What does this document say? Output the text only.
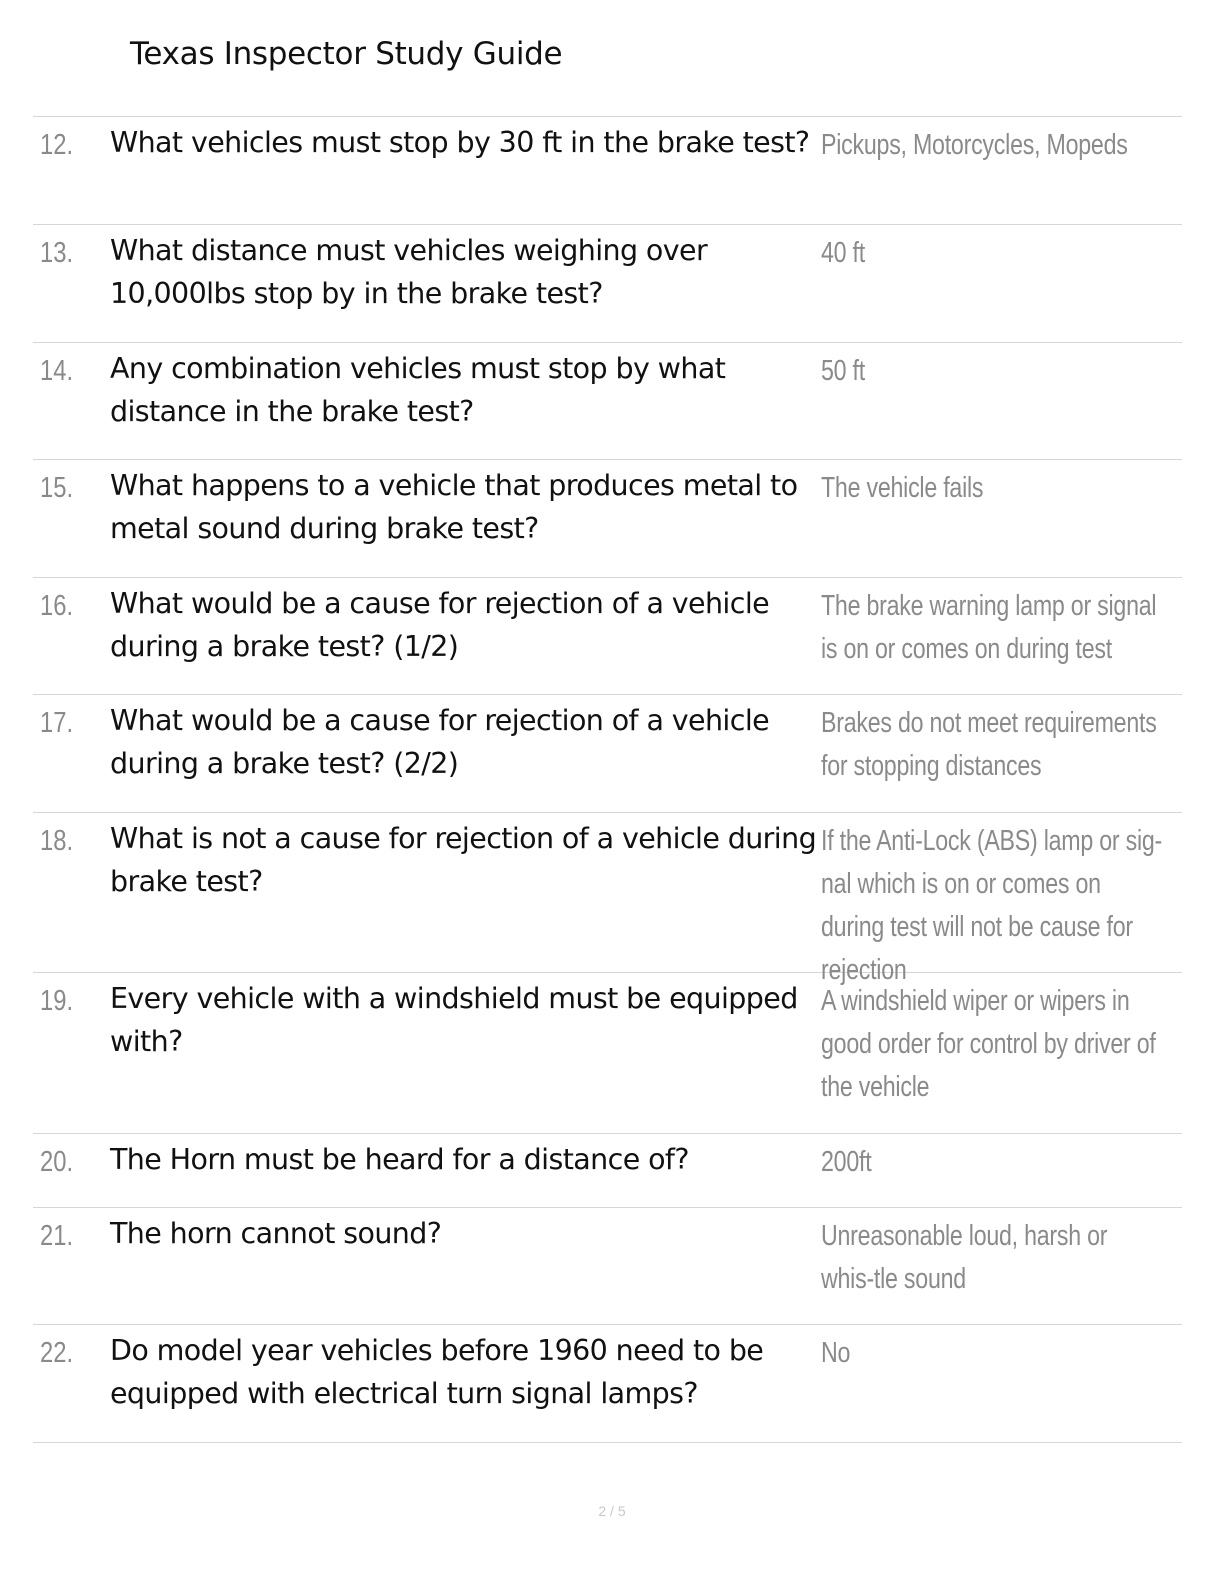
Texas Inspector Study Guide
12. What vehicles must stop by 30 ft in the brake test? Pickups, Motorcycles, Mopeds
13. What distance must vehicles weighing over 10,000lbs stop by in the brake test?
40 ft
14. Any combination vehicles must stop by what distance in the brake test?
50 ft
15. What happens to a vehicle that produces metal to metal sound during brake test?
The vehicle fails
16. What would be a cause for rejection of a vehicle during a brake test? (1/2)
The brake warning lamp or signal is on or comes on during test
17. What would be a cause for rejection of a vehicle during a brake test? (2/2)
Brakes do not meet requirements for stopping distances
18. What is not a cause for rejection of a vehicle during brake test?
If the Anti-Lock (ABS) lamp or sig-nal which is on or comes on during test will not be cause for rejection
19. Every vehicle with a windshield must be equipped with?
A windshield wiper or wipers in good order for control by driver of the vehicle
20. The Horn must be heard for a distance of?	200ft
21. The horn cannot sound?	Unreasonable loud, harsh or whis-tle sound
22. Do model year vehicles before 1960 need to be equipped with electrical turn signal lamps?
No
2 / 5
